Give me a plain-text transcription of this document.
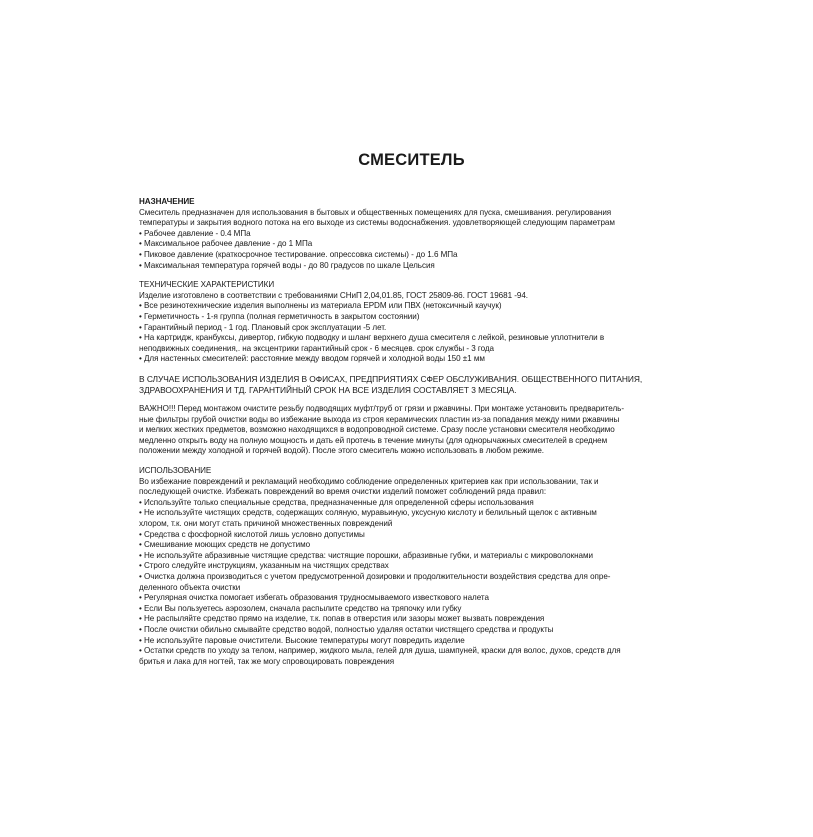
СМЕСИТЕЛЬ
НАЗНАЧЕНИЕ
Смеситель предназначен для использования в бытовых и общественных помещениях для пуска, смешивания. регулирования
температуры и закрытия водного потока на его выходе из системы водоснабжения. удовлетворяющей следующим параметрам
• Рабочее давление - 0.4 МПа
• Максимальное рабочее давление - до 1 МПа
• Пиковое давление (краткосрочное тестирование. опрессовка системы) - до 1.6 МПа
• Максимальная температура горячей воды - до 80 градусов по шкале Цельсия
ТЕХНИЧЕСКИЕ ХАРАКТЕРИСТИКИ
Изделие изготовлено в соответствии с требованиями СНиП 2,04,01.85, ГОСТ 25809-86. ГОСТ 19681 -94.
• Все резинотехнические изделия выполнены из материала EPDM или ПВХ (нетоксичный каучук)
• Герметичность - 1-я группа (полная герметичность в закрытом состоянии)
• Гарантийный период - 1 год. Плановый срок эксплуатации -5 лет.
• На картридж, кранбуксы, дивертор, гибкую подводку и шланг верхнего душа смесителя с лейкой, резиновые уплотнители в
неподвижных соединения,. на эксцентрики гарантийный срок - 6 месяцев. срок службы - 3 года
• Для настенных смесителей: расстояние между вводом горячей и холодной воды 150 ±1 мм
В СЛУЧАЕ ИСПОЛЬЗОВАНИЯ ИЗДЕЛИЯ В ОФИСАХ, ПРЕДПРИЯТИЯХ СФЕР ОБСЛУЖИВАНИЯ. ОБЩЕСТВЕННОГО ПИТАНИЯ,
ЗДРАВООХРАНЕНИЯ И ТД. ГАРАНТИЙНЫЙ СРОК НА ВСЕ ИЗДЕЛИЯ СОСТАВЛЯЕТ 3 МЕСЯЦА.
ВАЖНО!!! Перед монтажом очистите резьбу подводящих муфт/труб от грязи и ржавчины. При монтаже установить предваритель-
ные фильтры грубой очистки воды во избежание выхода из строя керамических пластин из-за попадания между ними ржавчины
и мелких жестких предметов, возможно находящихся в водопроводной системе. Сразу после установки смесителя необходимо
медленно открыть воду на полную мощность и дать ей протечь в течение минуты (для однорычажных смесителей в среднем
положении между холодной и горячей водой). После этого смеситель можно использовать в любом режиме.
ИСПОЛЬЗОВАНИЕ
Во избежание повреждений и рекламаций необходимо соблюдение определенных критериев как при использовании, так и
последующей очистке. Избежать повреждений во время очистки изделий поможет соблюдений ряда правил:
• Используйте только специальные средства, предназначенные для определенной сферы использования
• Не используйте чистящих средств, содержащих соляную, муравьиную, уксусную кислоту и белильный щелок с активным
хлором, т.к. они могут стать причиной множественных повреждений
• Средства с фосфорной кислотой лишь условно допустимы
• Смешивание моющих средств не допустимо
• Не используйте абразивные чистящие средства: чистящие порошки, абразивные губки, и материалы с микроволокнами
• Строго следуйте инструкциям, указанным на чистящих средствах
• Очистка должна производиться с учетом предусмотренной дозировки и продолжительности воздействия средства для опре-
деленного объекта очистки
• Регулярная очистка помогает избегать образования трудносмываемого известкового налета
• Если Вы пользуетесь аэрозолем, сначала распылите средство на тряпочку или губку
• Не распыляйте средство прямо на изделие, т.к. попав в отверстия или зазоры может вызвать повреждения
• После очистки обильно смывайте средство водой, полностью удаляя остатки чистящего средства и продукты
• Не используйте паровые очистители. Высокие температуры могут повредить изделие
• Остатки средств по уходу за телом, например, жидкого мыла, гелей для душа, шампуней, краски для волос, духов, средств для
бритья и лака для ногтей, так же могу спровоцировать повреждения
